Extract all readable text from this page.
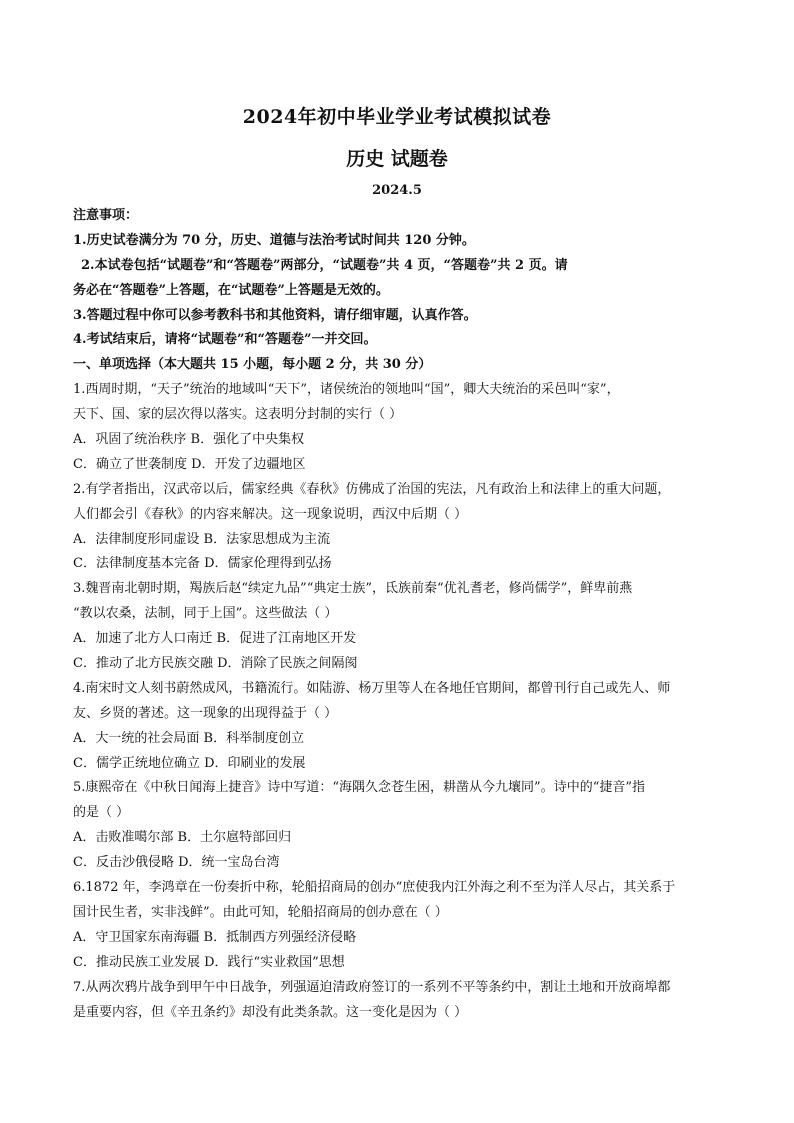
2024年初中毕业学业考试模拟试卷
历史 试题卷
2024.5
注意事项：
1.历史试卷满分为 70 分，历史、道德与法治考试时间共 120 分钟。
2.本试卷包括“试题卷”和“答题卷”两部分，“试题卷”共 4 页，“答题卷”共 2 页。请
务必在“答题卷”上答题，在“试题卷”上答题是无效的。
3.答题过程中你可以参考教科书和其他资料，请仔细审题，认真作答。
4.考试结束后，请将“试题卷”和“答题卷”一并交回。
一、单项选择（本大题共 15 小题，每小题 2 分，共 30 分）
1.西周时期，“天子”统治的地域叫“天下”，诸侯统治的领地叫“国”，卿大夫统治的采邑叫“家”，
天下、国、家的层次得以落实。这表明分封制的实行（ ）
A．巩固了统治秩序 B．强化了中央集权
C．确立了世袭制度 D．开发了边疆地区
2.有学者指出，汉武帝以后，儒家经典《春秋》仿佛成了治国的宪法，凡有政治上和法律上的重大问题，
人们都会引《春秋》的内容来解决。这一现象说明，西汉中后期（ ）
A．法律制度形同虚设 B．法家思想成为主流
C．法律制度基本完备 D．儒家伦理得到弘扬
3.魏晋南北朝时期，羯族后赵“续定九品”“典定士族”，氐族前秦“优礼耆老，修尚儒学”，鲜卑前燕
“教以农桑，法制，同于上国”。这些做法（ ）
A．加速了北方人口南迁 B．促进了江南地区开发
C．推动了北方民族交融 D．消除了民族之间隔阂
4.南宋时文人刻书蔚然成风，书籍流行。如陆游、杨万里等人在各地任官期间，都曾刊行自己或先人、师
友、乡贤的著述。这一现象的出现得益于（ ）
A．大一统的社会局面 B．科举制度创立
C．儒学正统地位确立 D．印刷业的发展
5.康熙帝在《中秋日闻海上捷音》诗中写道：“海隅久念苍生困，耕凿从今九壤同”。诗中的“捷音”指
的是（ ）
A．击败准噶尔部 B．土尔扈特部回归
C．反击沙俄侵略 D．统一宝岛台湾
6.1872 年，李鸿章在一份奏折中称，轮船招商局的创办“庶使我内江外海之利不至为洋人尽占，其关系于
国计民生者，实非浅鲜”。由此可知，轮船招商局的创办意在（ ）
A．守卫国家东南海疆 B．抵制西方列强经济侵略
C．推动民族工业发展 D．践行“实业救国”思想
7.从两次鸦片战争到甲午中日战争，列强逼迫清政府签订的一系列不平等条约中，割让土地和开放商埠都
是重要内容，但《辛丑条约》却没有此类条款。这一变化是因为（ ）
